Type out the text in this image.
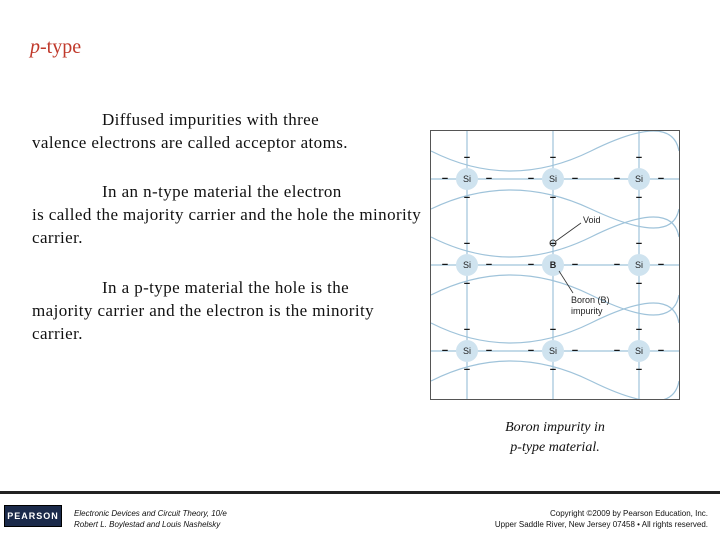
p-type
Diffused impurities with three
valence electrons are called acceptor atoms.
In an n-type material the electron
is called the majority carrier and the hole the minority carrier.
In a p-type material the hole is the
majority carrier and the electron is the minority carrier.
Si	Si	Si
Si	B	Si
Si	Si	Si
−
−
−	−
−
−
−	−
−
−
−	−
−
−
−	−
−
−
−
−
−
−	−
−
−
−	−
−
−
−	−
−
−
−	−
Void
Boron (B)
impurity
Boron impurity in
p-type material.
PEARSON	Electronic Devices and Circuit Theory, 10/e
Robert L. Boylestad and Louis Nashelsky
Copyright ©2009 by Pearson Education, Inc.
Upper Saddle River, New Jersey 07458 • All rights reserved.
